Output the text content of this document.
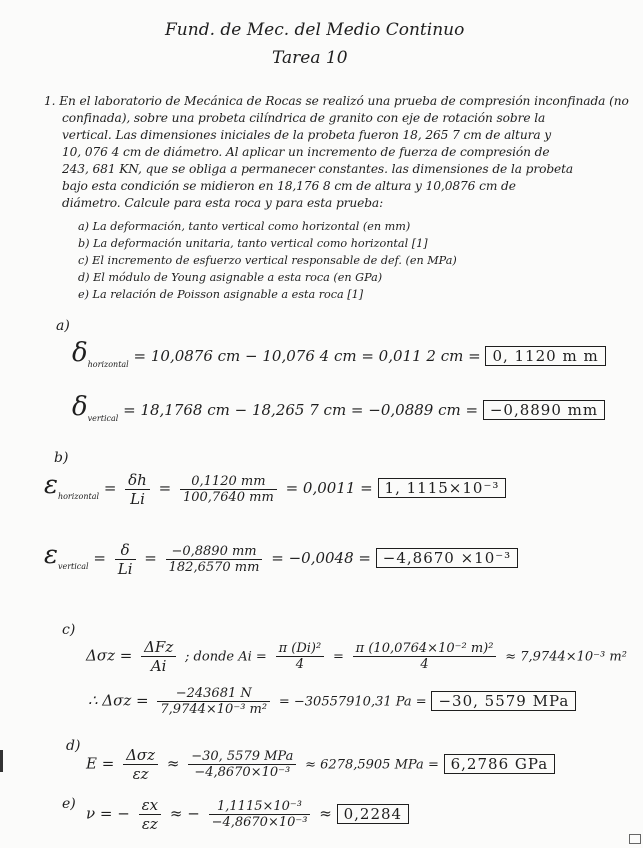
Fund. de Mec. del Medio Continuo
Tarea 10
1. En el laboratorio de Mecánica de Rocas se realizó una prueba de compresión inconfinada (no
confinada), sobre una probeta cilíndrica de granito con eje de rotación sobre la
vertical. Las dimensiones iniciales de la probeta fueron 18, 265 7 cm de altura y
10, 076 4 cm de diámetro. Al aplicar un incremento de fuerza de compresión de
243, 681 KN, que se obliga a permanecer constantes. las dimensiones de la probeta
bajo esta condición se midieron en 18,176 8 cm de altura y 10,0876 cm de
diámetro. Calcule para esta roca y para esta prueba:
a) La deformación, tanto vertical como horizontal (en mm)
b) La deformación unitaria, tanto vertical como horizontal [1]
c) El incremento de esfuerzo vertical responsable de def. (en MPa)
d) El módulo de Young asignable a esta roca (en GPa)
e) La relación de Poisson asignable a esta roca [1]
a)
$\delta_{horizontal} = 10,0876$ cm − 10,076 4 cm = 0,011 2 cm = 0, 1120 m m
$\delta_{vertical} = 18,1768$ cm − 18,265 7 cm = −0,0889 cm = −0,8890 mm
b)
$\varepsilon_{horizontal} = \frac{\delta h}{Li} = \frac{0,1120 mm}{100,7640 mm} = 0,0011 = 1$, 1115×10⁻³
$\varepsilon_{vertical} = \frac{\delta}{Li} = \frac{-0,8890 mm}{182,6570 mm} = -0,0048 = -4,8670 \times 10^{-3}$
c)
$\Delta\sigma z = \frac{\text{ΔFz}}{Ai}$ ; donde $Ai = \frac{\text{π (Di)²}}{4} = \frac{\text{π (10,0764×10⁻² m)²}}{4} \approx 7,9744\times 10^{-3}$ m²
∴ $\Delta\sigma z = \frac{-243681 N}{\text{7,9744×10⁻³ m²}} = -30557910,31$ Pa = −30, 5579 MPa
d)
$E = \frac{\text{Δσz}}{\varepsilon z} \approx \frac{\text{−30, 5579 MPa}}{\text{−4,8670×10⁻³}} \approx 6278,5905$ MPa = 6,2786 GPa
e)
ν = − $\frac{\varepsilon x}{\varepsilon z}$ ≈ − $\frac{\text{1,1115×10⁻³}}{\text{−4,8670×10⁻³}} \approx 0,2284$
